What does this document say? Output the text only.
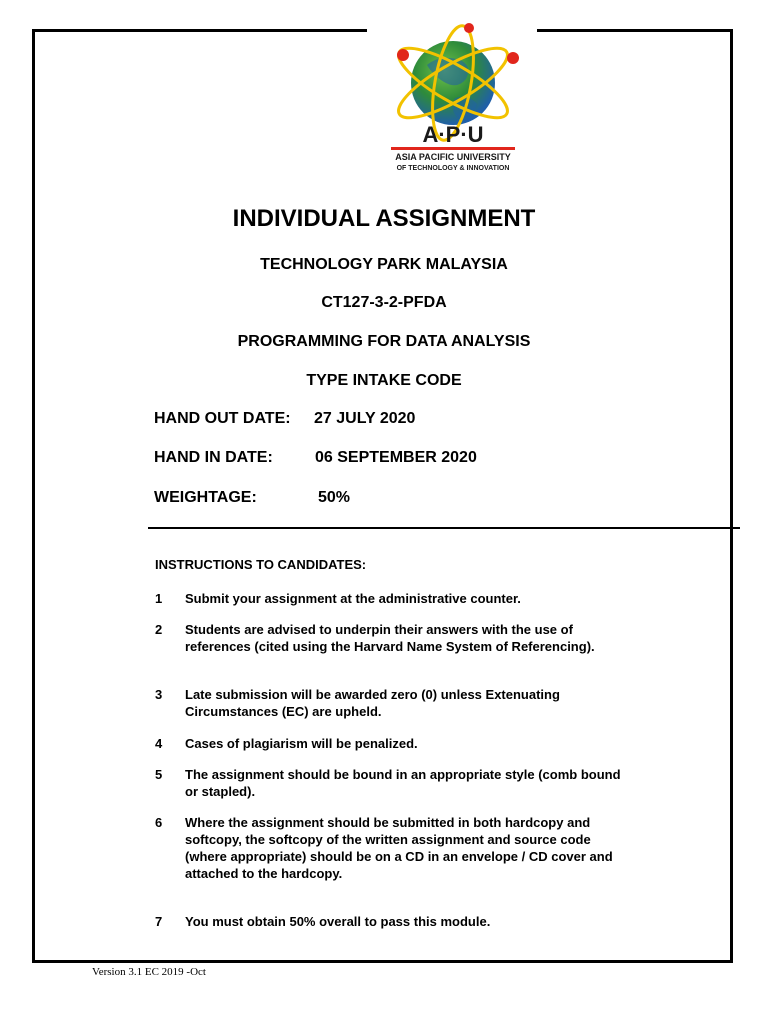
A·P·U
ASIA PACIFIC UNIVERSITY
OF TECHNOLOGY & INNOVATION
INDIVIDUAL ASSIGNMENT
TECHNOLOGY PARK MALAYSIA
CT127-3-2-PFDA
PROGRAMMING FOR DATA ANALYSIS
TYPE INTAKE CODE
HAND OUT DATE: 27 JULY 2020
HAND IN DATE:	06 SEPTEMBER 2020
WEIGHTAGE:	50%
INSTRUCTIONS TO CANDIDATES:
1 Submit your assignment at the administrative counter.
2 Students are advised to underpin their answers with the use of references (cited using the Harvard Name System of Referencing).
3 Late submission will be awarded zero (0) unless Extenuating Circumstances (EC) are upheld.
4 Cases of plagiarism will be penalized.
5 The assignment should be bound in an appropriate style (comb bound or stapled).
6 Where the assignment should be submitted in both hardcopy and softcopy, the softcopy of the written assignment and source code (where appropriate) should be on a CD in an envelope / CD cover and attached to the hardcopy.
7 You must obtain 50% overall to pass this module.
Version 3.1 EC 2019 -Oct
